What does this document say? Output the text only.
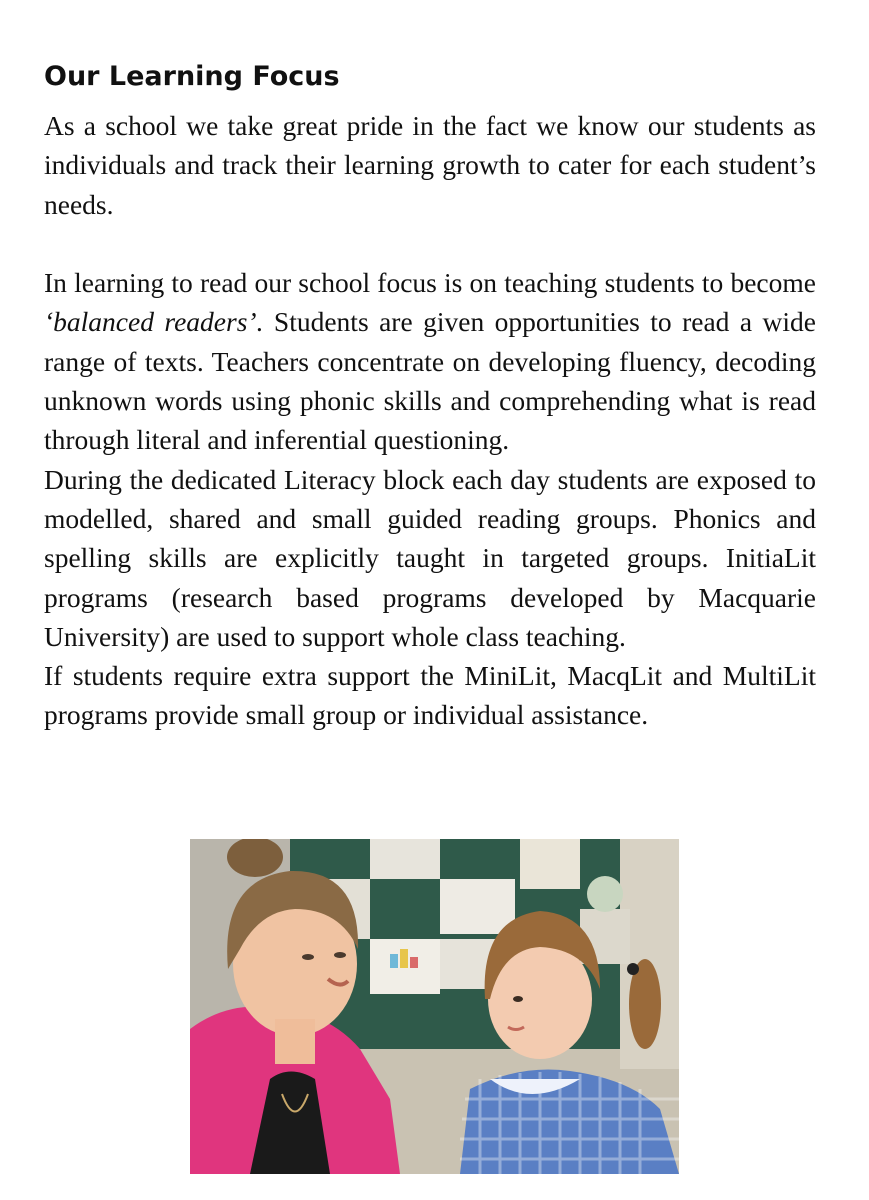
Our Learning Focus

As a school we take great pride in the fact we know our students as individuals and track their learning growth to cater for each student’s needs.

In learning to read our school focus is on teaching students to become ‘balanced readers’. Students are given opportunities to read a wide range of texts. Teachers concentrate on developing fluency, decoding unknown words using phonic skills and comprehending what is read through literal and inferential questioning.

During the dedicated Literacy block each day students are exposed to modelled, shared and small guided reading groups. Phonics and spelling skills are explicitly taught in targeted groups. InitiaLit programs (research based programs developed by Macquarie University) are used to support whole class teaching.

If students require extra support the MiniLit, MacqLit and MultiLit programs provide small group or individual assistance.
